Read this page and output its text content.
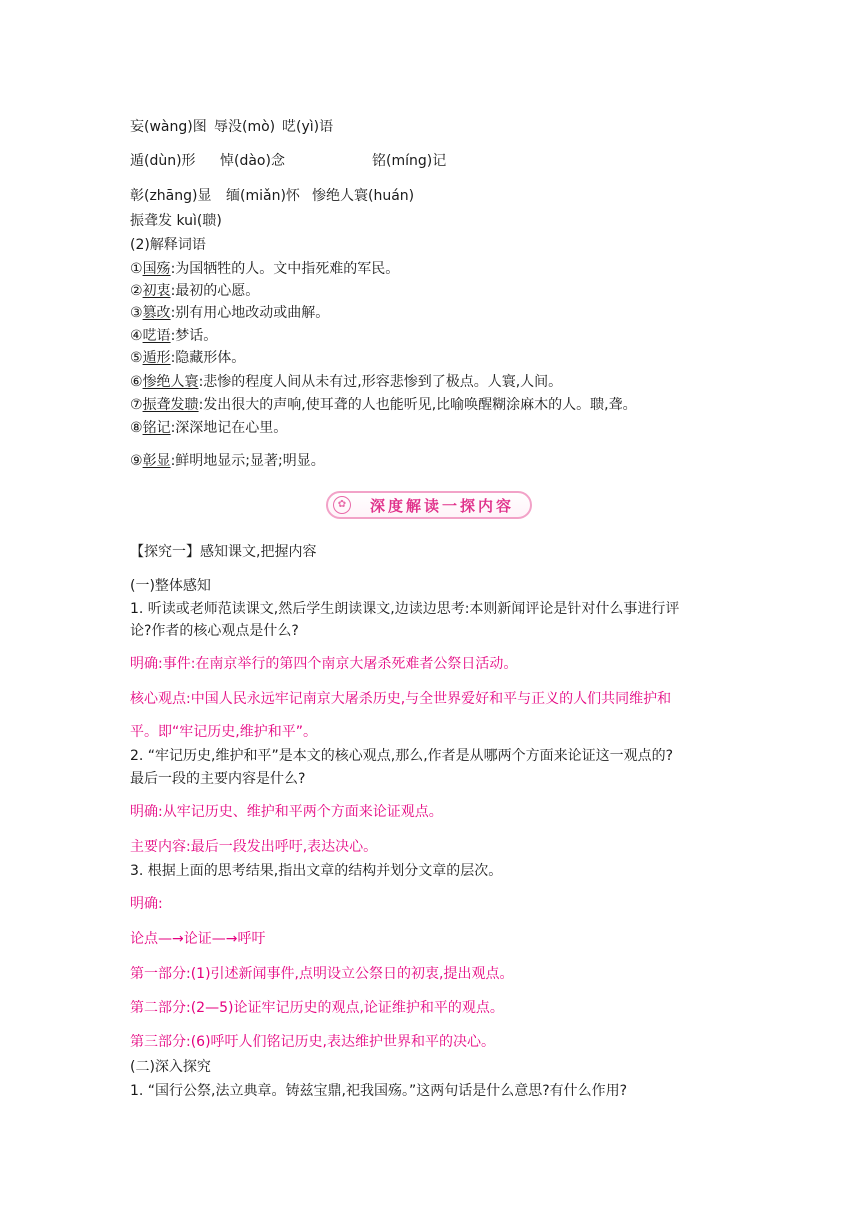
妄(wàng)图 辱没(mò) 呓(yì)语
遁(dùn)形 悼(dào)念	铭(míng)记
彰(zhāng)显 缅(miǎn)怀 惨绝人寰(huán)
振聋发 kuì(聩)
(2)解释词语
①国殇:为国牺牲的人。文中指死难的军民。
②初衷:最初的心愿。
③篡改:别有用心地改动或曲解。
④呓语:梦话。
⑤遁形:隐藏形体。
⑥惨绝人寰:悲惨的程度人间从未有过,形容悲惨到了极点。人寰,人间。
⑦振聋发聩:发出很大的声响,使耳聋的人也能听见,比喻唤醒糊涂麻木的人。聩,聋。
⑧铭记:深深地记在心里。
⑨彰显:鲜明地显示;显著;明显。
✿	深度解读一探内容
【探究一】感知课文,把握内容
(一)整体感知
1. 听读或老师范读课文,然后学生朗读课文,边读边思考:本则新闻评论是针对什么事进行评
论?作者的核心观点是什么?
明确:事件:在南京举行的第四个南京大屠杀死难者公祭日活动。
核心观点:中国人民永远牢记南京大屠杀历史,与全世界爱好和平与正义的人们共同维护和
平。即“牢记历史,维护和平”。
2. “牢记历史,维护和平”是本文的核心观点,那么,作者是从哪两个方面来论证这一观点的?
最后一段的主要内容是什么?
明确:从牢记历史、维护和平两个方面来论证观点。
主要内容:最后一段发出呼吁,表达决心。
3. 根据上面的思考结果,指出文章的结构并划分文章的层次。
明确:
论点—→论证—→呼吁
第一部分:(1)引述新闻事件,点明设立公祭日的初衷,提出观点。
第二部分:(2—5)论证牢记历史的观点,论证维护和平的观点。
第三部分:(6)呼吁人们铭记历史,表达维护世界和平的决心。
(二)深入探究
1. “国行公祭,法立典章。铸兹宝鼎,祀我国殇。”这两句话是什么意思?有什么作用?
